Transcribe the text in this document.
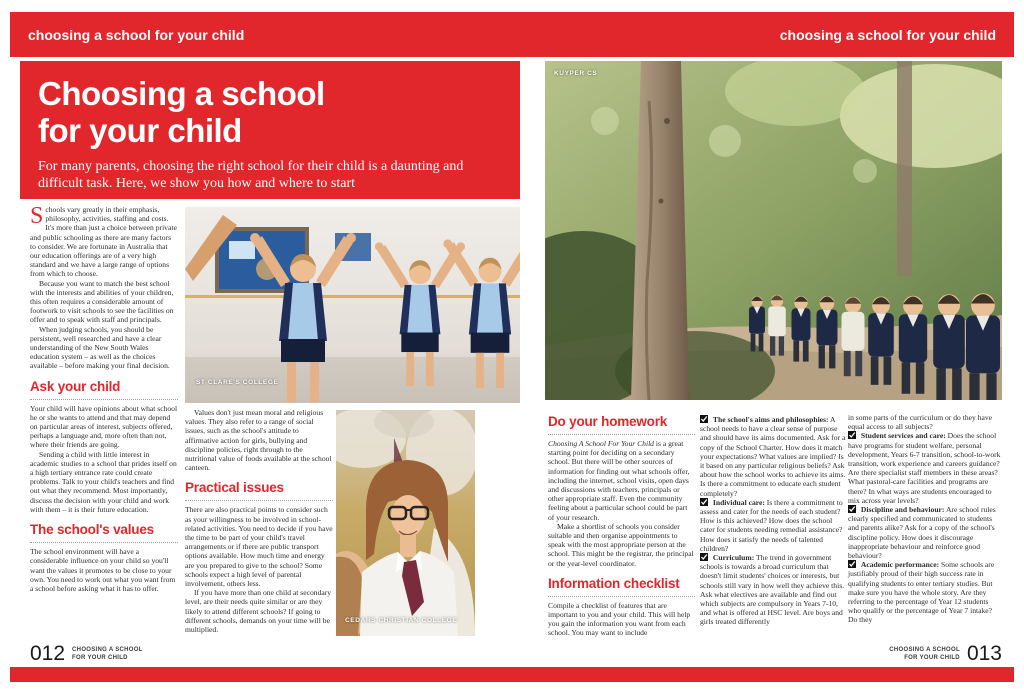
choosing a school for your child	choosing a school for your child
Choosing a school
for your child
For many parents, choosing the right school for their child is a daunting and difficult task. Here, we show you how and where to start

Schools vary greatly in their emphasis, philosophy, activities, staffing and costs. It's more than just a choice between private and public schooling as there are many factors to consider. We are fortunate in Australia that our education offerings are of a very high standard and we have a large range of options from which to choose.

Because you want to match the best school with the interests and abilities of your children, this often requires a considerable amount of footwork to visit schools to see the facilities on offer and to speak with staff and principals.

When judging schools, you should be persistent, well researched and have a clear understanding of the New South Wales education system – as well as the choices available – before making your final decision.

Ask your child

Your child will have opinions about what school he or she wants to attend and that may depend on particular areas of interest, subjects offered, perhaps a language and, more often than not, where their friends are going.

Sending a child with little interest in academic studies to a school that prides itself on a high tertiary entrance rate could create problems. Talk to your child's teachers and find out what they recommend. Most importantly, discuss the decision with your child and work with them – it is their future education.

The school's values

The school environment will have a considerable influence on your child so you'll want the values it promotes to be close to your own. You need to work out what you want from a school before asking what it has to offer.

ST CLARE'S COLLEGE

Values don't just mean moral and religious values. They also refer to a range of social issues, such as the school's attitude to affirmative action for girls, bullying and discipline policies, right through to the nutritional value of foods available at the school canteen.

Practical issues

There are also practical points to consider such as your willingness to be involved in school-related activities. You need to decide if you have the time to be part of your child's travel arrangements or if there are public transport options available. How much time and energy are you prepared to give to the school? Some schools expect a high level of parental involvement, others less.

If you have more than one child at secondary level, are their needs quite similar or are they likely to attend different schools? If going to different schools, demands on your time will be multiplied.

CEDARS CHRISTIAN COLLEGE
012 CHOOSING A SCHOOL
FOR YOUR CHILD
KUYPER CS
Do your homework

Choosing A School For Your Child is a great starting point for deciding on a secondary school. But there will be other sources of information for finding out what schools offer, including the internet, school visits, open days and discussions with teachers, principals or other appropriate staff. Even the community feeling about a particular school could be part of your research.

Make a shortlist of schools you consider suitable and then organise appointments to speak with the most appropriate person at the school. This might be the registrar, the principal or the year-level coordinator.

Information checklist

Compile a checklist of features that are important to you and your child. This will help you gain the information you want from each school. You may want to include

The school's aims and philosophies: A school needs to have a clear sense of purpose and should have its aims documented. Ask for a copy of the School Charter. How does it match your expectations? What values are implied? Is it based on any particular religious beliefs? Ask about how the school works to achieve its aims. Is there a commitment to educate each student completely?

Individual care: Is there a commitment to assess and cater for the needs of each student? How is this achieved? How does the school cater for students needing remedial assistance? How does it satisfy the needs of talented children?

Curriculum: The trend in government schools is towards a broad curriculum that doesn't limit students' choices or interests, but schools still vary in how well they achieve this. Ask what electives are available and find out which subjects are compulsory in Years 7-10, and what is offered at HSC level. Are boys and girls treated differently

in some parts of the curriculum or do they have equal access to all subjects?

Student services and care: Does the school have programs for student welfare, personal development, Years 6-7 transition, school-to-work transition, work experience and careers guidance? Are there specialist staff members in these areas? What pastoral-care facilities and programs are there? In what ways are students encouraged to mix across year levels?

Discipline and behaviour: Are school rules clearly specified and communicated to students and parents alike? Ask for a copy of the school's discipline policy. How does it discourage inappropriate behaviour and reinforce good behaviour?

Academic performance: Some schools are justifiably proud of their high success rate in qualifying students to enter tertiary studies. But make sure you have the whole story. Are they referring to the percentage of Year 12 students who qualify or the percentage of Year 7 intake? Do they

CHOOSING A SCHOOL
FOR YOUR CHILD 013
